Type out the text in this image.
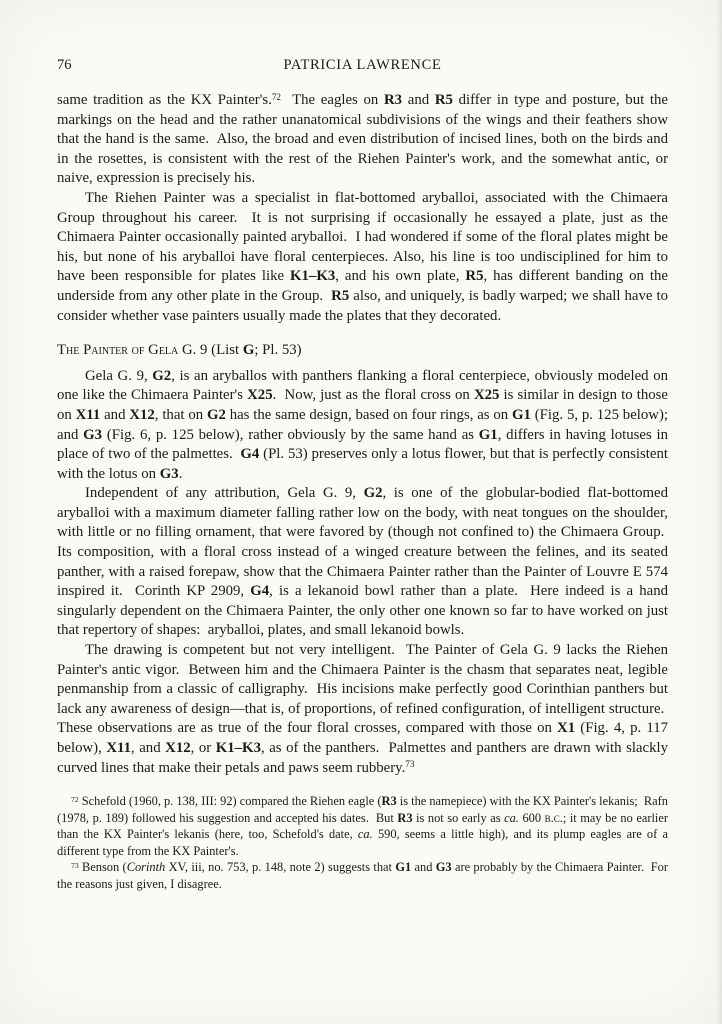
76	PATRICIA LAWRENCE

same tradition as the KX Painter's.$^{72}$  The eagles on R3 and R5 differ in type and posture, but the markings on the head and the rather unanatomical subdivisions of the wings and their feathers show that the hand is the same.  Also, the broad and even distribution of incised lines, both on the birds and in the rosettes, is consistent with the rest of the Riehen Painter's work, and the somewhat antic, or naive, expression is precisely his.

The Riehen Painter was a specialist in flat-bottomed aryballoi, associated with the Chimaera Group throughout his career.  It is not surprising if occasionally he essayed a plate, just as the Chimaera Painter occasionally painted aryballoi.  I had wondered if some of the floral plates might be his, but none of his aryballoi have floral centerpieces. Also, his line is too undisciplined for him to have been responsible for plates like K1–K3, and his own plate, R5, has different banding on the underside from any other plate in the Group.  R5 also, and uniquely, is badly warped; we shall have to consider whether vase painters usually made the plates that they decorated.

The Painter of Gela G. 9 (List G; Pl. 53)

Gela G. 9, G2, is an aryballos with panthers flanking a floral centerpiece, obviously modeled on one like the Chimaera Painter's X25.  Now, just as the floral cross on X25 is similar in design to those on X11 and X12, that on G2 has the same design, based on four rings, as on G1 (Fig. 5, p. 125 below); and G3 (Fig. 6, p. 125 below), rather obviously by the same hand as G1, differs in having lotuses in place of two of the palmettes.  G4 (Pl. 53) preserves only a lotus flower, but that is perfectly consistent with the lotus on G3.

Independent of any attribution, Gela G. 9, G2, is one of the globular-bodied flat-bottomed aryballoi with a maximum diameter falling rather low on the body, with neat tongues on the shoulder, with little or no filling ornament, that were favored by (though not confined to) the Chimaera Group.  Its composition, with a floral cross instead of a winged creature between the felines, and its seated panther, with a raised forepaw, show that the Chimaera Painter rather than the Painter of Louvre E 574 inspired it.  Corinth KP 2909, G4, is a lekanoid bowl rather than a plate.  Here indeed is a hand singularly dependent on the Chimaera Painter, the only other one known so far to have worked on just that repertory of shapes:  aryballoi, plates, and small lekanoid bowls.

The drawing is competent but not very intelligent.  The Painter of Gela G. 9 lacks the Riehen Painter's antic vigor.  Between him and the Chimaera Painter is the chasm that separates neat, legible penmanship from a classic of calligraphy.  His incisions make perfectly good Corinthian panthers but lack any awareness of design—that is, of proportions, of refined configuration, of intelligent structure.  These observations are as true of the four floral crosses, compared with those on X1 (Fig. 4, p. 117 below), X11, and X12, or K1–K3, as of the panthers.  Palmettes and panthers are drawn with slackly curved lines that make their petals and paws seem rubbery.$^{73}$

$^{72}$ Schefold (1960, p. 138, III: 92) compared the Riehen eagle (R3 is the namepiece) with the KX Painter's lekanis;  Rafn (1978, p. 189) followed his suggestion and accepted his dates.  But R3 is not so early as ca. 600 b.c.; it may be no earlier than the KX Painter's lekanis (here, too, Schefold's date, ca. 590, seems a little high), and its plump eagles are of a different type from the KX Painter's.

$^{73}$ Benson (Corinth XV, iii, no. 753, p. 148, note 2) suggests that G1 and G3 are probably by the Chimaera Painter.  For the reasons just given, I disagree.
